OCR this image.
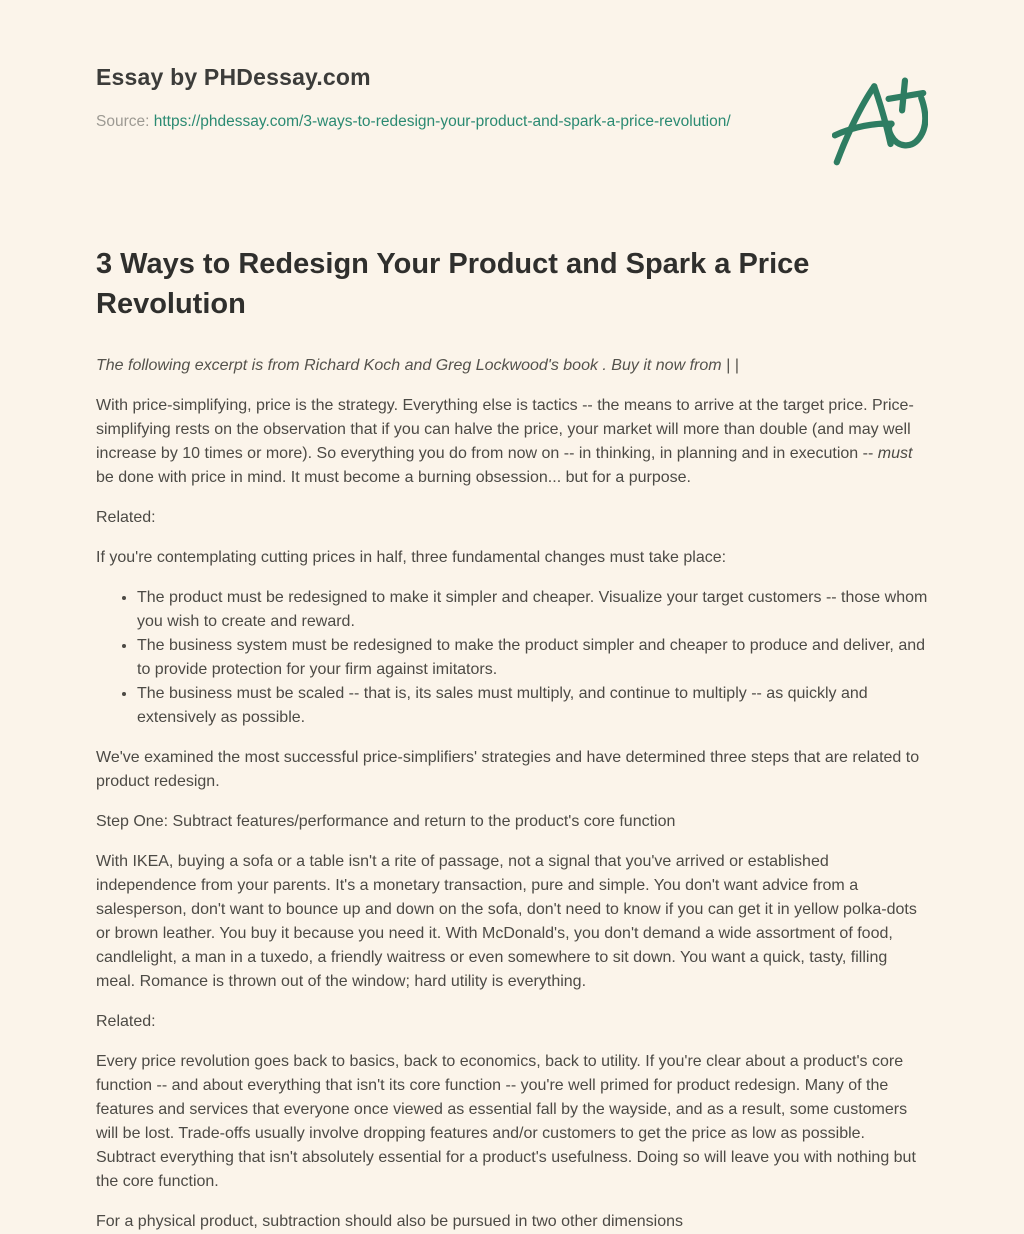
Essay by PHDessay.com

Source: https://phdessay.com/3-ways-to-redesign-your-product-and-spark-a-price-revolution/

3 Ways to Redesign Your Product and Spark a Price Revolution

The following excerpt is from Richard Koch and Greg Lockwood's book . Buy it now from | |

With price-simplifying, price is the strategy. Everything else is tactics -- the means to arrive at the target price. Price-simplifying rests on the observation that if you can halve the price, your market will more than double (and may well increase by 10 times or more). So everything you do from now on -- in thinking, in planning and in execution -- must be done with price in mind. It must become a burning obsession... but for a purpose.

Related:

If you're contemplating cutting prices in half, three fundamental changes must take place:

• The product must be redesigned to make it simpler and cheaper. Visualize your target customers -- those whom you wish to create and reward.
• The business system must be redesigned to make the product simpler and cheaper to produce and deliver, and to provide protection for your firm against imitators.
• The business must be scaled -- that is, its sales must multiply, and continue to multiply -- as quickly and extensively as possible.

We've examined the most successful price-simplifiers' strategies and have determined three steps that are related to product redesign.

Step One: Subtract features/performance and return to the product's core function

With IKEA, buying a sofa or a table isn't a rite of passage, not a signal that you've arrived or established independence from your parents. It's a monetary transaction, pure and simple. You don't want advice from a salesperson, don't want to bounce up and down on the sofa, don't need to know if you can get it in yellow polka-dots or brown leather. You buy it because you need it. With McDonald's, you don't demand a wide assortment of food, candlelight, a man in a tuxedo, a friendly waitress or even somewhere to sit down. You want a quick, tasty, filling meal. Romance is thrown out of the window; hard utility is everything.

Related:

Every price revolution goes back to basics, back to economics, back to utility. If you're clear about a product's core function -- and about everything that isn't its core function -- you're well primed for product redesign. Many of the features and services that everyone once viewed as essential fall by the wayside, and as a result, some customers will be lost. Trade-offs usually involve dropping features and/or customers to get the price as low as possible. Subtract everything that isn't absolutely essential for a product's usefulness. Doing so will leave you with nothing but the core function.

For a physical product, subtraction should also be pursued in two other dimensions
